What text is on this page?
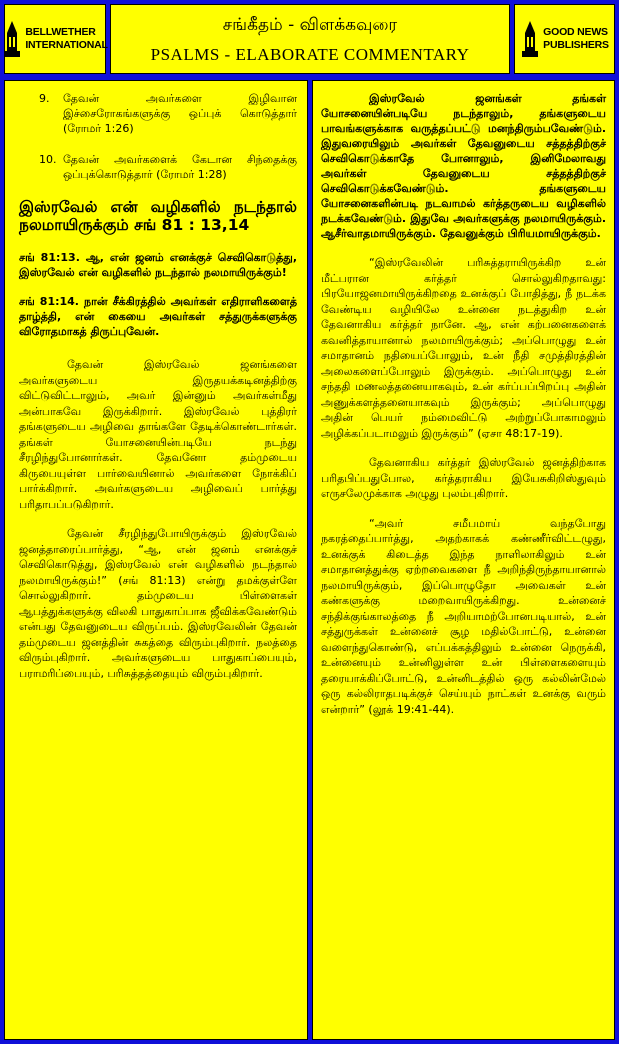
BELLWETHER
INTERNATIONAL
சங்கீதம் - விளக்கவுரை
PSALMS - ELABORATE COMMENTARY
GOOD NEWS
PUBLISHERS
9.	தேவன் அவர்களை இழிவான இச்சைரோகங்களுக்கு ஒப்புக் கொடுத்தார் (ரோமர் 1:26)
10. தேவன் அவர்களைக் கேடான சிந்தைக்கு ஒப்புக்கொடுத்தார் (ரோமர் 1:28)

இஸ்ரவேல் என் வழிகளில் நடந்தால் நலமாயிருக்கும் சங் 81 : 13,14

சங் 81:13. ஆ, என் ஜனம் எனக்குச் செவிகொடுத்து, இஸ்ரவேல் என் வழிகளில் நடந்தால் நலமாயிருக்கும்!

சங் 81:14. நான் சீக்கிரத்தில் அவர்கள் எதிராளிகளைத் தாழ்த்தி, என் கையை அவர்கள் சத்துருக்களுக்கு விரோதமாகத் திருப்புவேன்.

தேவன் இஸ்ரவேல் ஜனங்களை அவர்களுடைய இருதயக்கடினத்திற்கு விட்டுவிட்டாலும், அவர் இன்னும் அவர்கள்மீது அன்பாகவே இருக்கிறார். இஸ்ரவேல் புத்திரர் தங்களுடைய அழிவை தாங்களே தேடிக்கொண்டார்கள். தங்கள் யோசனையின்படியே நடந்து சீரழிந்துபோனார்கள். தேவனோ தம்முடைய கிருபையுள்ள பார்வையினால் அவர்களை நோக்கிப் பார்க்கிறார். அவர்களுடைய அழிவைப் பார்த்து பரிதாபப்படுகிறார்.

தேவன் சீரழிந்துபோயிருக்கும் இஸ்ரவேல் ஜனத்தாரைப்பார்த்து, “ஆ, என் ஜனம் எனக்குச் செவிகொடுத்து, இஸ்ரவேல் என் வழிகளில் நடந்தால் நலமாயிருக்கும்!” (சங் 81:13) என்று தமக்குள்ளே சொல்லுகிறார். தம்முடைய பிள்ளைகள் ஆபத்துக்களுக்கு விலகி பாதுகாப்பாக ஜீவிக்கவேண்டும் என்பது தேவனுடைய விருப்பம். இஸ்ரவேலின் தேவன் தம்முடைய ஜனத்தின் சுகத்தை விரும்புகிறார். நலத்தை விரும்புகிறார். அவர்களுடைய பாதுகாப்பையும், பராமரிப்பையும், பரிசுத்தத்தையும் விரும்புகிறார்.

இஸ்ரவேல் ஜனங்கள் தங்கள் யோசனையின்படியே நடந்தாலும், தங்களுடைய பாவங்களுக்காக வருத்தப்பட்டு மனந்திரும்பவேண்டும். இதுவரையிலும் அவர்கள் தேவனுடைய சத்தத்திற்குச் செவிகொடுக்காதே போனாலும், இனிமேலாவது அவர்கள் தேவனுடைய சத்தத்திற்குச் செவிகொடுக்கவேண்டும். தங்களுடைய யோசனைகளின்படி நடவாமல் கர்த்தருடைய வழிகளில் நடக்கவேண்டும். இதுவே அவர்களுக்கு நலமாயிருக்கும். ஆசீர்வாதமாயிருக்கும். தேவனுக்கும் பிரியமாயிருக்கும்.

“இஸ்ரவேலின் பரிசுத்தராயிருக்கிற உன் மீட்பரான கர்த்தர் சொல்லுகிறதாவது: பிரயோஜனமாயிருக்கிறதை உனக்குப் போதித்து, நீ நடக்க வேண்டிய வழியிலே உன்னை நடத்துகிற உன் தேவனாகிய கர்த்தர் நானே. ஆ, என் கற்பனைகளைக் கவனித்தாயானால் நலமாயிருக்கும்; அப்பொழுது உன் சமாதானம் நதியைப்போலும், உன் நீதி சமுத்திரத்தின் அலைகளைப்போலும் இருக்கும். அப்பொழுது உன் சந்ததி மணலத்தனையாகவும், உன் கர்ப்பப்பிறப்பு அதின் அணுக்களத்தனையாகவும் இருக்கும்; அப்பொழுது அதின் பெயர் நம்மைவிட்டு அற்றுப்போகாமலும் அழிக்கப்படாமலும் இருக்கும்” (ஏசா 48:17-19).

தேவனாகிய கர்த்தர் இஸ்ரவேல் ஜனத்திற்காக பரிதபிப்பதுபோல, கர்த்தராகிய இயேசுகிறிஸ்துவும் எருசலேமுக்காக அழுது புலம்புகிறார்.

“அவர் சமீபமாய் வந்தபோது நகரத்தைப்பார்த்து, அதற்காகக் கண்ணீர்விட்டழுது, உனக்குக் கிடைத்த இந்த நாளிலாகிலும் உன் சமாதானத்துக்கு ஏற்றவைகளை நீ அறிந்திருந்தாயானால் நலமாயிருக்கும், இப்பொழுதோ அவைகள் உன் கண்களுக்கு மறைவாயிருக்கிறது. உன்னைச் சந்திக்குங்காலத்தை நீ அறியாமற்போனபடியால், உன் சத்துருக்கள் உன்னைச் சூழ மதில்போட்டு, உன்னை வளைந்துகொண்டு, எப்பக்கத்திலும் உன்னை நெருக்கி, உன்னையும் உன்னிலுள்ள உன் பிள்ளைகளையும் தரையாக்கிப்போட்டு, உன்னிடத்தில் ஒரு கல்லின்மேல் ஒரு கல்லிராதபடிக்குச் செய்யும் நாட்கள் உனக்கு வரும் என்றார்” (லூக் 19:41-44).
